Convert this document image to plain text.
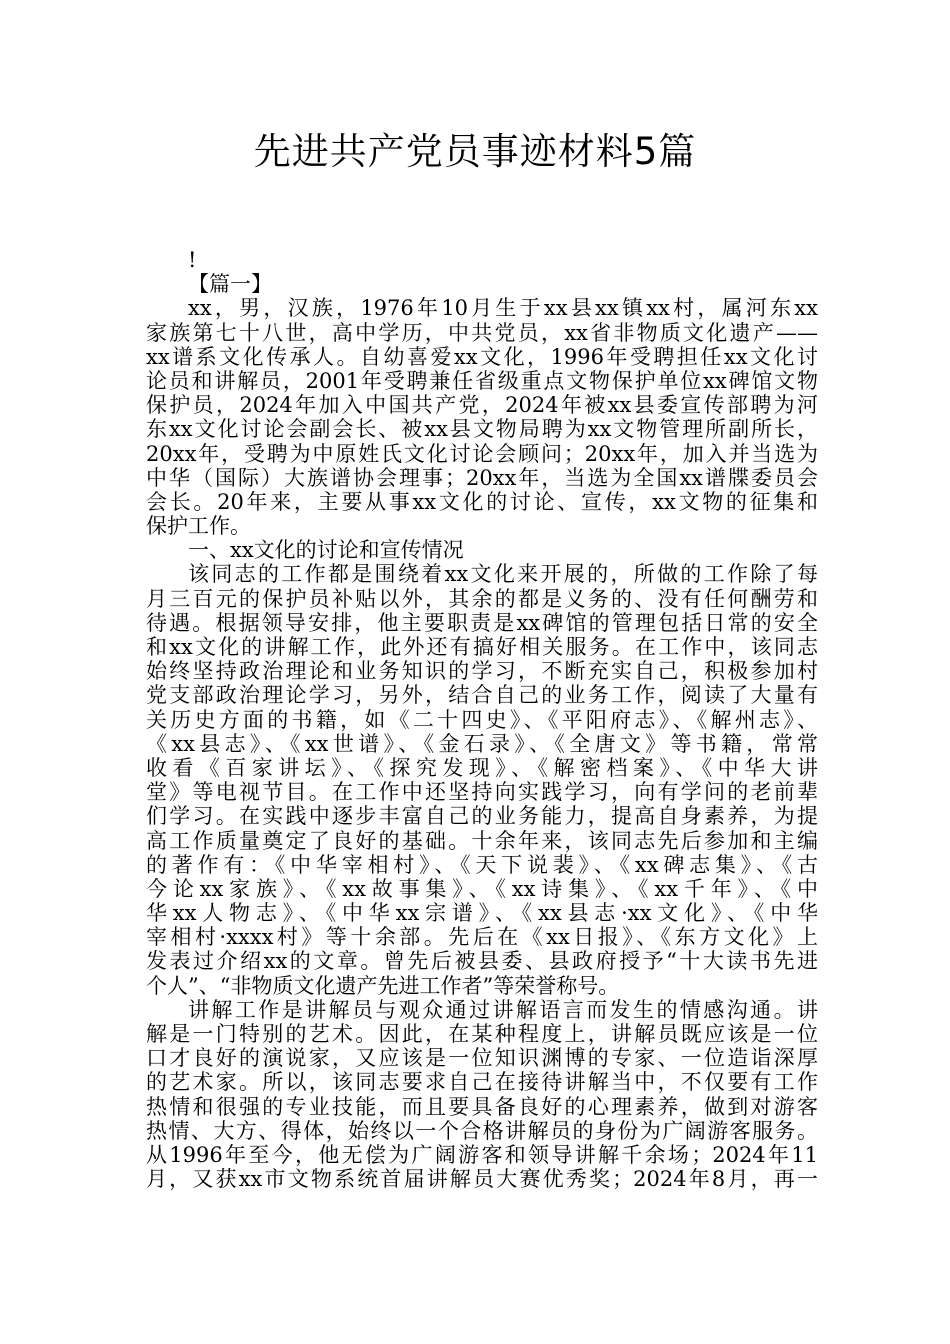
先进共产党员事迹材料5篇
!
【篇一】
xx，男，汉族，1976年10月生于xx县xx镇xx村，属河东xx
家族第七十八世，高中学历，中共党员，xx省非物质文化遗产——
xx谱系文化传承人。自幼喜爱xx文化，1996年受聘担任xx文化讨
论员和讲解员，2001年受聘兼任省级重点文物保护单位xx碑馆文物
保护员，2024年加入中国共产党，2024年被xx县委宣传部聘为河
东xx文化讨论会副会长、被xx县文物局聘为xx文物管理所副所长，
20xx年，受聘为中原姓氏文化讨论会顾问；20xx年，加入并当选为
中华（国际）大族谱协会理事；20xx年，当选为全国xx谱牒委员会
会长。20年来，主要从事xx文化的讨论、宣传，xx文物的征集和
保护工作。
一、xx文化的讨论和宣传情况
该同志的工作都是围绕着xx文化来开展的，所做的工作除了每
月三百元的保护员补贴以外，其余的都是义务的、没有任何酬劳和
待遇。根据领导安排，他主要职责是xx碑馆的管理包括日常的安全
和xx文化的讲解工作，此外还有搞好相关服务。在工作中，该同志
始终坚持政治理论和业务知识的学习，不断充实自己，积极参加村
党支部政治理论学习，另外，结合自己的业务工作，阅读了大量有
关历史方面的书籍，如《二十四史》、《平阳府志》、《解州志》、
《xx县志》、《xx世谱》、《金石录》、《全唐文》等书籍，常常
收看《百家讲坛》、《探究发现》、《解密档案》、《中华大讲
堂》等电视节目。在工作中还坚持向实践学习，向有学问的老前辈
们学习。在实践中逐步丰富自己的业务能力，提高自身素养，为提
高工作质量奠定了良好的基础。十余年来，该同志先后参加和主编
的著作有：《中华宰相村》、《天下说裴》、《xx碑志集》、《古
今论xx家族》、《xx故事集》、《xx诗集》、《xx千年》、《中
华xx人物志》、《中华xx宗谱》、《xx县志·xx文化》、《中华
宰相村·xxxx村》等十余部。先后在《xx日报》、《东方文化》上
发表过介绍xx的文章。曾先后被县委、县政府授予“十大读书先进
个人”、“非物质文化遗产先进工作者”等荣誉称号。
讲解工作是讲解员与观众通过讲解语言而发生的情感沟通。讲
解是一门特别的艺术。因此，在某种程度上，讲解员既应该是一位
口才良好的演说家，又应该是一位知识渊博的专家、一位造诣深厚
的艺术家。所以，该同志要求自己在接待讲解当中，不仅要有工作
热情和很强的专业技能，而且要具备良好的心理素养，做到对游客
热情、大方、得体，始终以一个合格讲解员的身份为广阔游客服务。
从1996年至今，他无偿为广阔游客和领导讲解千余场；2024年11
月，又获xx市文物系统首届讲解员大赛优秀奖；2024年8月，再一
